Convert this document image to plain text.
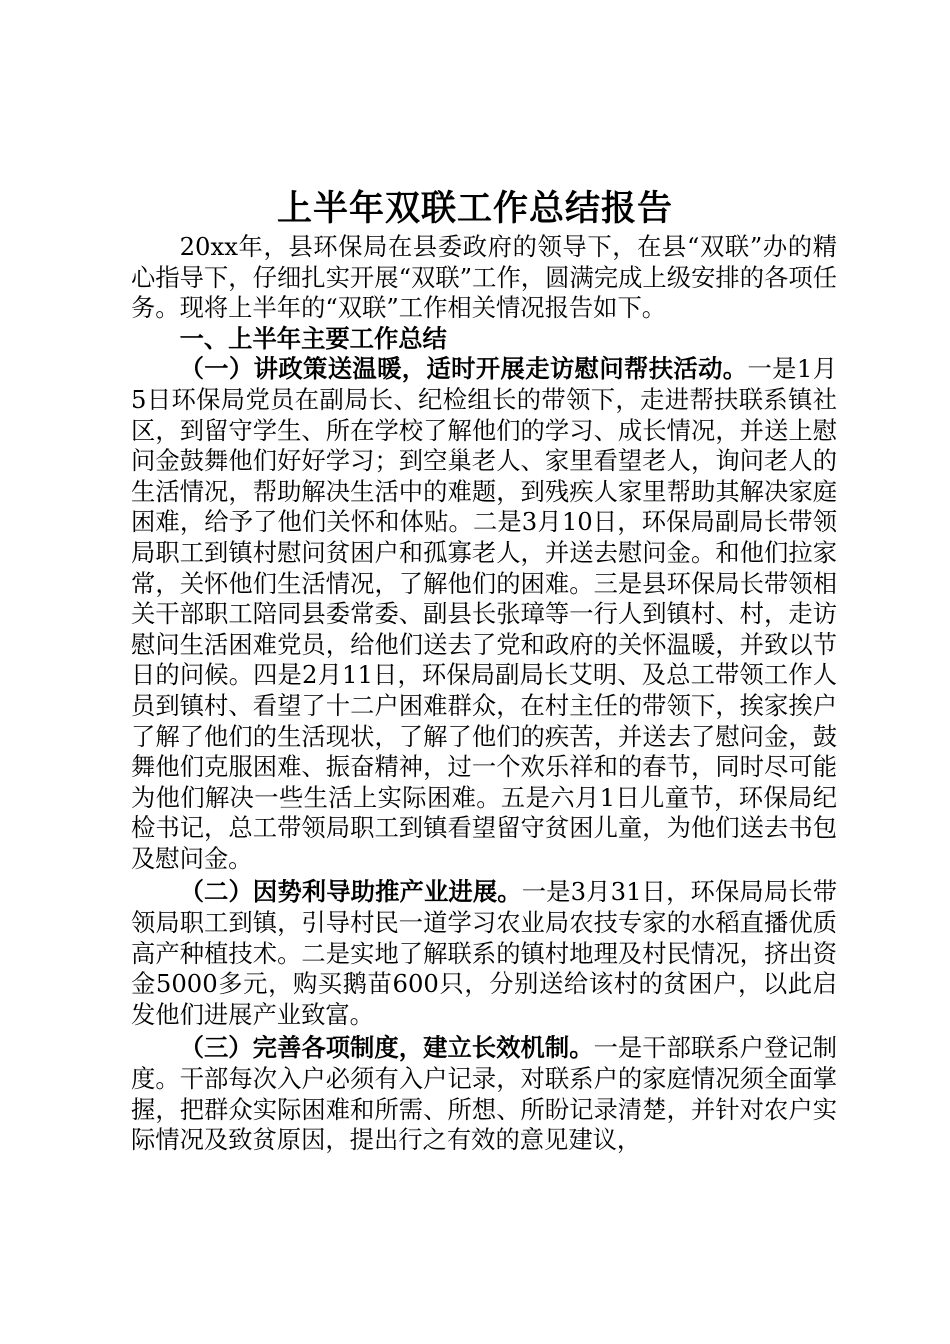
上半年双联工作总结报告

20xx年，县环保局在县委政府的领导下，在县“双联”办的精心指导下，仔细扎实开展“双联”工作，圆满完成上级安排的各项任务。现将上半年的“双联”工作相关情况报告如下。

一、上半年主要工作总结

（一）讲政策送温暖，适时开展走访慰问帮扶活动。一是1月5日环保局党员在副局长、纪检组长的带领下，走进帮扶联系镇社区，到留守学生、所在学校了解他们的学习、成长情况，并送上慰问金鼓舞他们好好学习；到空巢老人、家里看望老人，询问老人的生活情况，帮助解决生活中的难题，到残疾人家里帮助其解决家庭困难，给予了他们关怀和体贴。二是3月10日，环保局副局长带领局职工到镇村慰问贫困户和孤寡老人，并送去慰问金。和他们拉家常，关怀他们生活情况，了解他们的困难。三是县环保局长带领相关干部职工陪同县委常委、副县长张璋等一行人到镇村、村，走访慰问生活困难党员，给他们送去了党和政府的关怀温暖，并致以节日的问候。四是2月11日，环保局副局长艾明、及总工带领工作人员到镇村、看望了十二户困难群众，在村主任的带领下，挨家挨户了解了他们的生活现状，了解了他们的疾苦，并送去了慰问金，鼓舞他们克服困难、振奋精神，过一个欢乐祥和的春节，同时尽可能为他们解决一些生活上实际困难。五是六月1日儿童节，环保局纪检书记，总工带领局职工到镇看望留守贫困儿童，为他们送去书包及慰问金。

（二）因势利导助推产业进展。一是3月31日，环保局局长带领局职工到镇，引导村民一道学习农业局农技专家的水稻直播优质高产种植技术。二是实地了解联系的镇村地理及村民情况，挤出资金5000多元，购买鹅苗600只，分别送给该村的贫困户，以此启发他们进展产业致富。

（三）完善各项制度，建立长效机制。一是干部联系户登记制度。干部每次入户必须有入户记录，对联系户的家庭情况须全面掌握，把群众实际困难和所需、所想、所盼记录清楚，并针对农户实际情况及致贫原因，提出行之有效的意见建议，
